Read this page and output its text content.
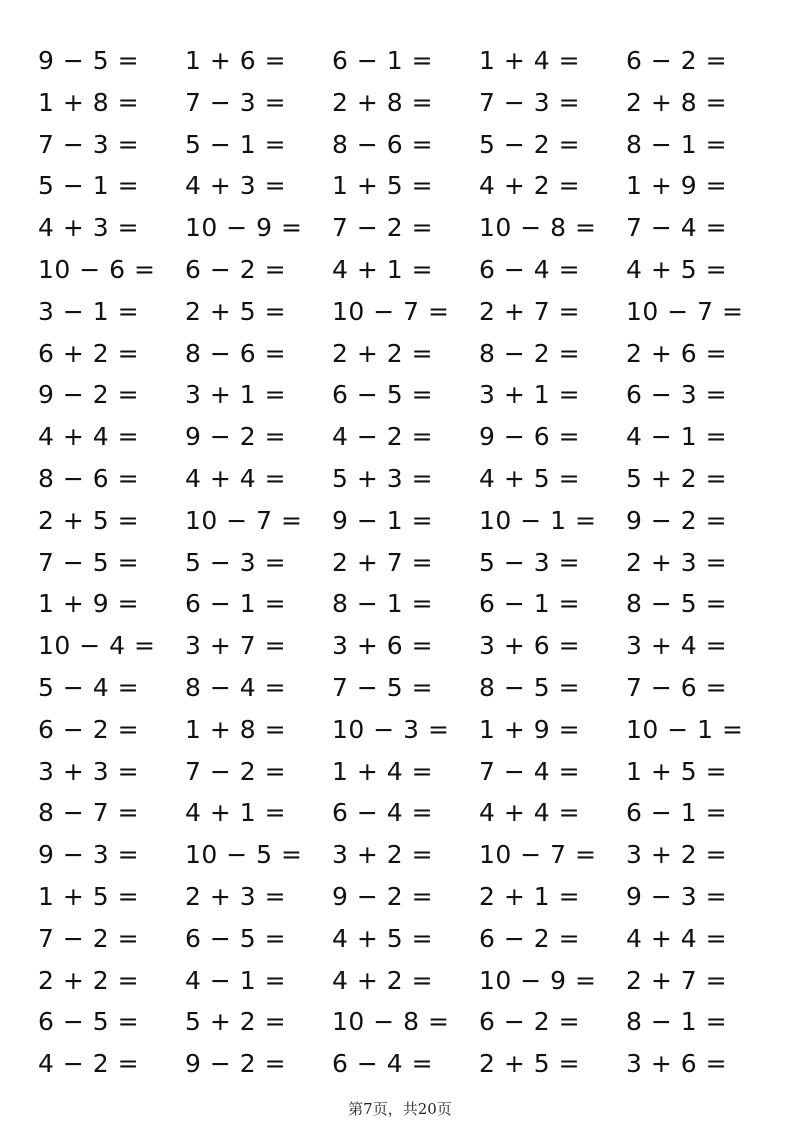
9 − 5 =	1 + 6 =	6 − 1 =	1 + 4 =	6 − 2 =
1 + 8 =	7 − 3 =	2 + 8 =	7 − 3 =	2 + 8 =
7 − 3 =	5 − 1 =	8 − 6 =	5 − 2 =	8 − 1 =
5 − 1 =	4 + 3 =	1 + 5 =	4 + 2 =	1 + 9 =
4 + 3 =	10 − 9 =	7 − 2 =	10 − 8 =	7 − 4 =
10 − 6 =	6 − 2 =	4 + 1 =	6 − 4 =	4 + 5 =
3 − 1 =	2 + 5 =	10 − 7 =	2 + 7 =	10 − 7 =
6 + 2 =	8 − 6 =	2 + 2 =	8 − 2 =	2 + 6 =
9 − 2 =	3 + 1 =	6 − 5 =	3 + 1 =	6 − 3 =
4 + 4 =	9 − 2 =	4 − 2 =	9 − 6 =	4 − 1 =
8 − 6 =	4 + 4 =	5 + 3 =	4 + 5 =	5 + 2 =
2 + 5 =	10 − 7 =	9 − 1 =	10 − 1 =	9 − 2 =
7 − 5 =	5 − 3 =	2 + 7 =	5 − 3 =	2 + 3 =
1 + 9 =	6 − 1 =	8 − 1 =	6 − 1 =	8 − 5 =
10 − 4 =	3 + 7 =	3 + 6 =	3 + 6 =	3 + 4 =
5 − 4 =	8 − 4 =	7 − 5 =	8 − 5 =	7 − 6 =
6 − 2 =	1 + 8 =	10 − 3 =	1 + 9 =	10 − 1 =
3 + 3 =	7 − 2 =	1 + 4 =	7 − 4 =	1 + 5 =
8 − 7 =	4 + 1 =	6 − 4 =	4 + 4 =	6 − 1 =
9 − 3 =	10 − 5 =	3 + 2 =	10 − 7 =	3 + 2 =
1 + 5 =	2 + 3 =	9 − 2 =	2 + 1 =	9 − 3 =
7 − 2 =	6 − 5 =	4 + 5 =	6 − 2 =	4 + 4 =
2 + 2 =	4 − 1 =	4 + 2 =	10 − 9 =	2 + 7 =
6 − 5 =	5 + 2 =	10 − 8 =	6 − 2 =	8 − 1 =
4 − 2 =	9 − 2 =	6 − 4 =	2 + 5 =	3 + 6 =
第7页，共20页
